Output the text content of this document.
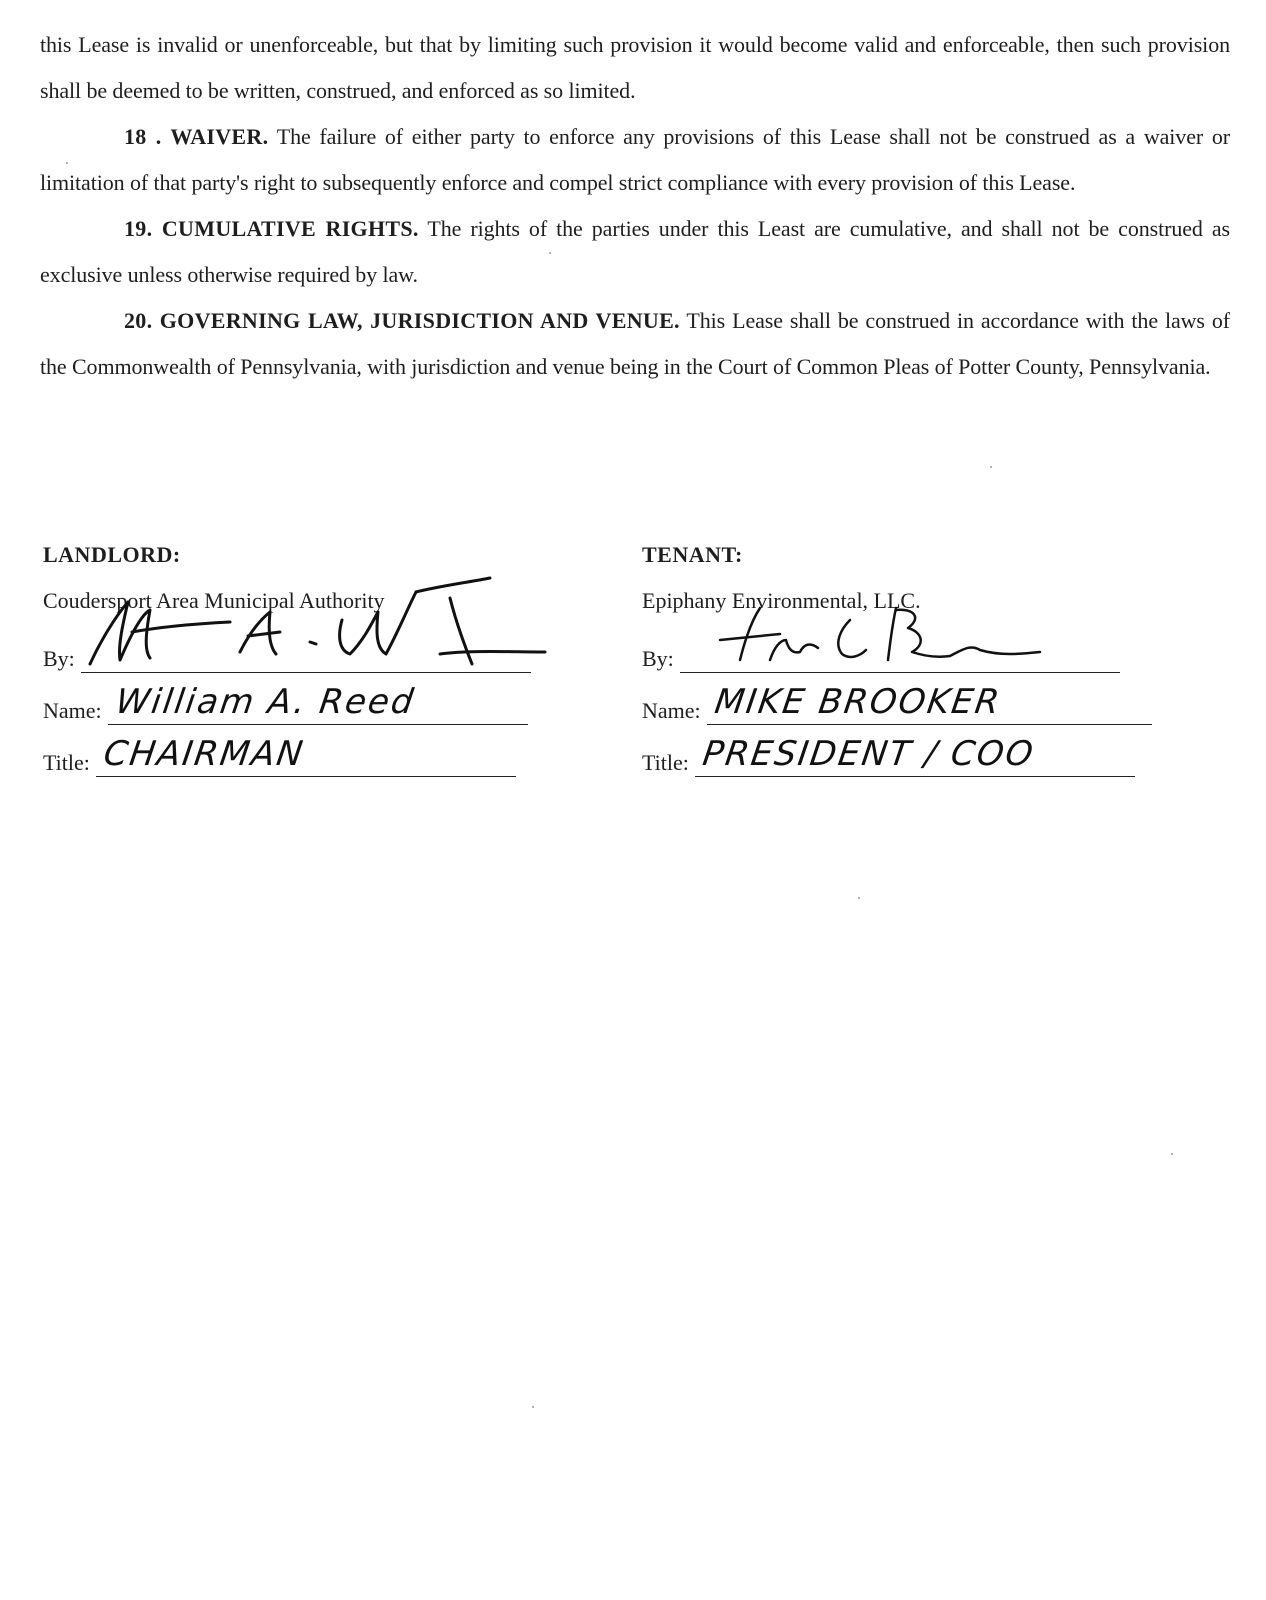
this Lease is invalid or unenforceable, but that by limiting such provision it would become valid and enforceable, then such provision shall be deemed to be written, construed, and enforced as so limited.

18 . WAIVER. The failure of either party to enforce any provisions of this Lease shall not be construed as a waiver or limitation of that party's right to subsequently enforce and compel strict compliance with every provision of this Lease.

19. CUMULATIVE RIGHTS. The rights of the parties under this Least are cumulative, and shall not be construed as exclusive unless otherwise required by law.

20. GOVERNING LAW, JURISDICTION AND VENUE. This Lease shall be construed in accordance with the laws of the Commonwealth of Pennsylvania, with jurisdiction and venue being in the Court of Common Pleas of Potter County, Pennsylvania.

LANDLORD:
Coudersport Area Municipal Authority
By:
Name: William A. Reed
Title: CHAIRMAN
TENANT:
Epiphany Environmental, LLC.
By:
Name: MIKE BROOKER
Title: PRESIDENT / COO
